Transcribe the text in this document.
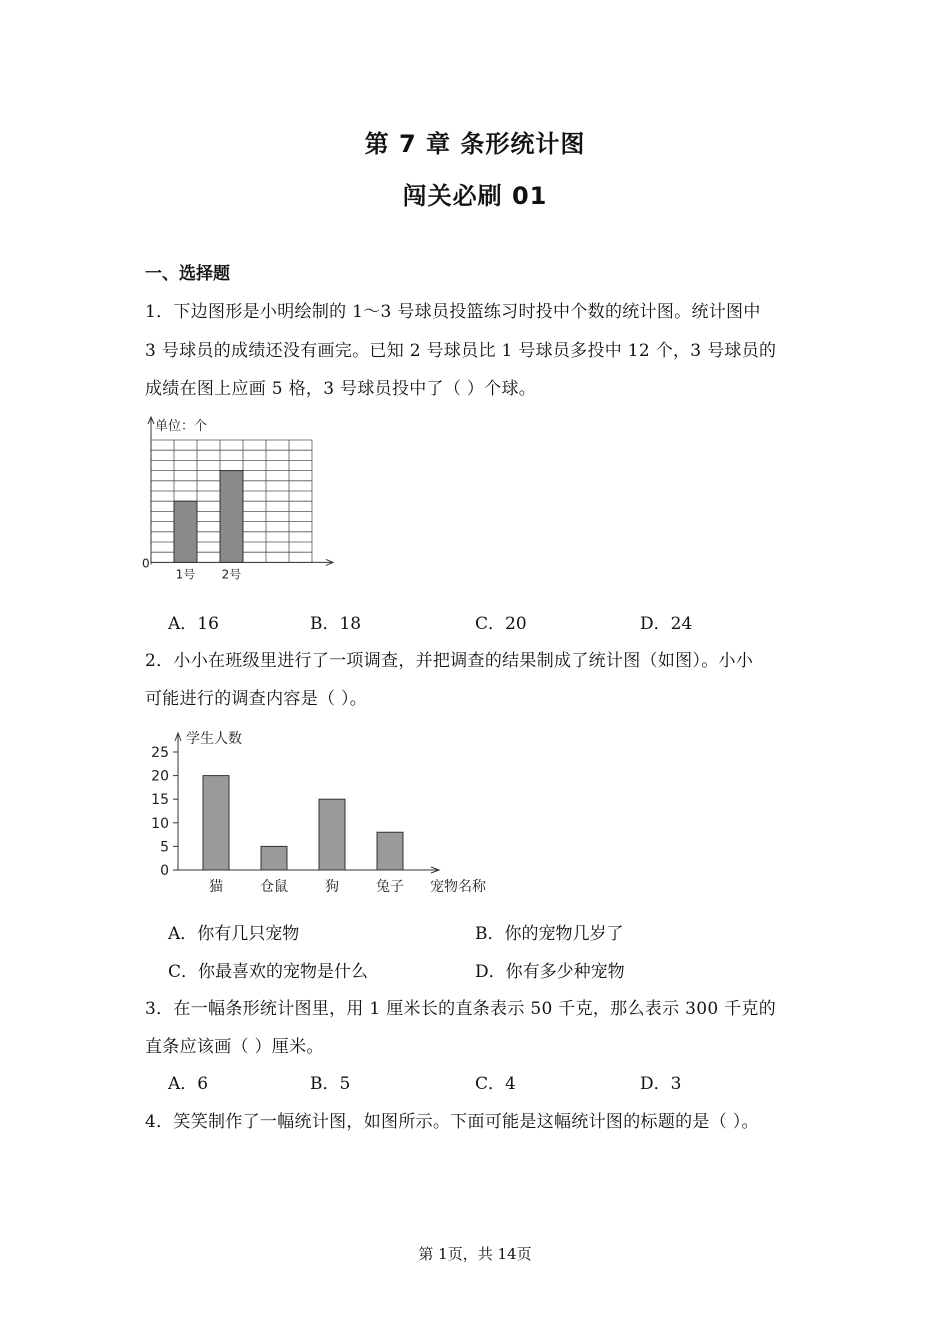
第 7 章 条形统计图
闯关必刷 01
一、选择题
1．下边图形是小明绘制的 1～3 号球员投篮练习时投中个数的统计图。统计图中
3 号球员的成绩还没有画完。已知 2 号球员比 1 号球员多投中 12 个，3 号球员的
成绩在图上应画 5 格，3 号球员投中了（ ）个球。
单位：个
0
1号 2号
A．16	B．18	C．20	D．24
2．小小在班级里进行了一项调查，并把调查的结果制成了统计图（如图）。小小
可能进行的调查内容是（ ）。
0
5
10
15
20
25
学生人数
宠物名称
猫	仓鼠	狗	兔子
A．你有几只宠物	B．你的宠物几岁了
C．你最喜欢的宠物是什么	D．你有多少种宠物
3．在一幅条形统计图里，用 1 厘米长的直条表示 50 千克，那么表示 300 千克的
直条应该画（ ）厘米。
A．6	B．5	C．4	D．3
4．笑笑制作了一幅统计图，如图所示。下面可能是这幅统计图的标题的是（ ）。
第 1页，共 14页
